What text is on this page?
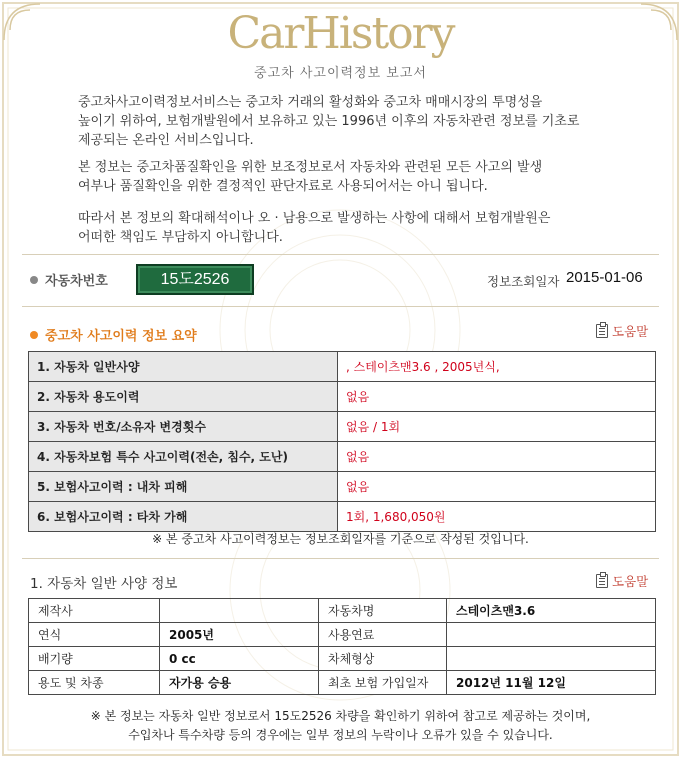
CarHistory
중고차 사고이력정보 보고서

중고차사고이력정보서비스는 중고차 거래의 활성화와 중고차 매매시장의 투명성을
높이기 위하여, 보험개발원에서 보유하고 있는 1996년 이후의 자동차관련 정보를 기초로
제공되는 온라인 서비스입니다.

본 정보는 중고차품질확인을 위한 보조정보로서 자동차와 관련된 모든 사고의 발생
여부나 품질확인을 위한 결정적인 판단자료로 사용되어서는 아니 됩니다.

따라서 본 정보의 확대해석이나 오 · 남용으로 발생하는 사항에 대해서 보험개발원은
어떠한 책임도 부담하지 아니합니다.

자동차번호	15도2526	정보조회일자 2015-01-06
중고차 사고이력 정보 요약	도움말
1. 자동차 일반사양	, 스테이츠맨3.6 , 2005년식,
2. 자동차 용도이력	없음
3. 자동차 번호/소유자 변경횟수	없음 / 1회
4. 자동차보험 특수 사고이력(전손, 침수, 도난)	없음
5. 보험사고이력 : 내차 피해	없음
6. 보험사고이력 : 타차 가해	1회, 1,680,050원
※ 본 중고차 사고이력정보는 정보조회일자를 기준으로 작성된 것입니다.
1. 자동차 일반 사양 정보	도움말
제작사		자동차명	스테이츠맨3.6
연식	2005년	사용연료	
배기량	0 cc	차체형상	
용도 및 차종	자가용 승용	최초 보험 가입일자	2012년 11월 12일
※ 본 정보는 자동차 일반 정보로서 15도2526 차량을 확인하기 위하여 참고로 제공하는 것이며,
수입차나 특수차량 등의 경우에는 일부 정보의 누락이나 오류가 있을 수 있습니다.
